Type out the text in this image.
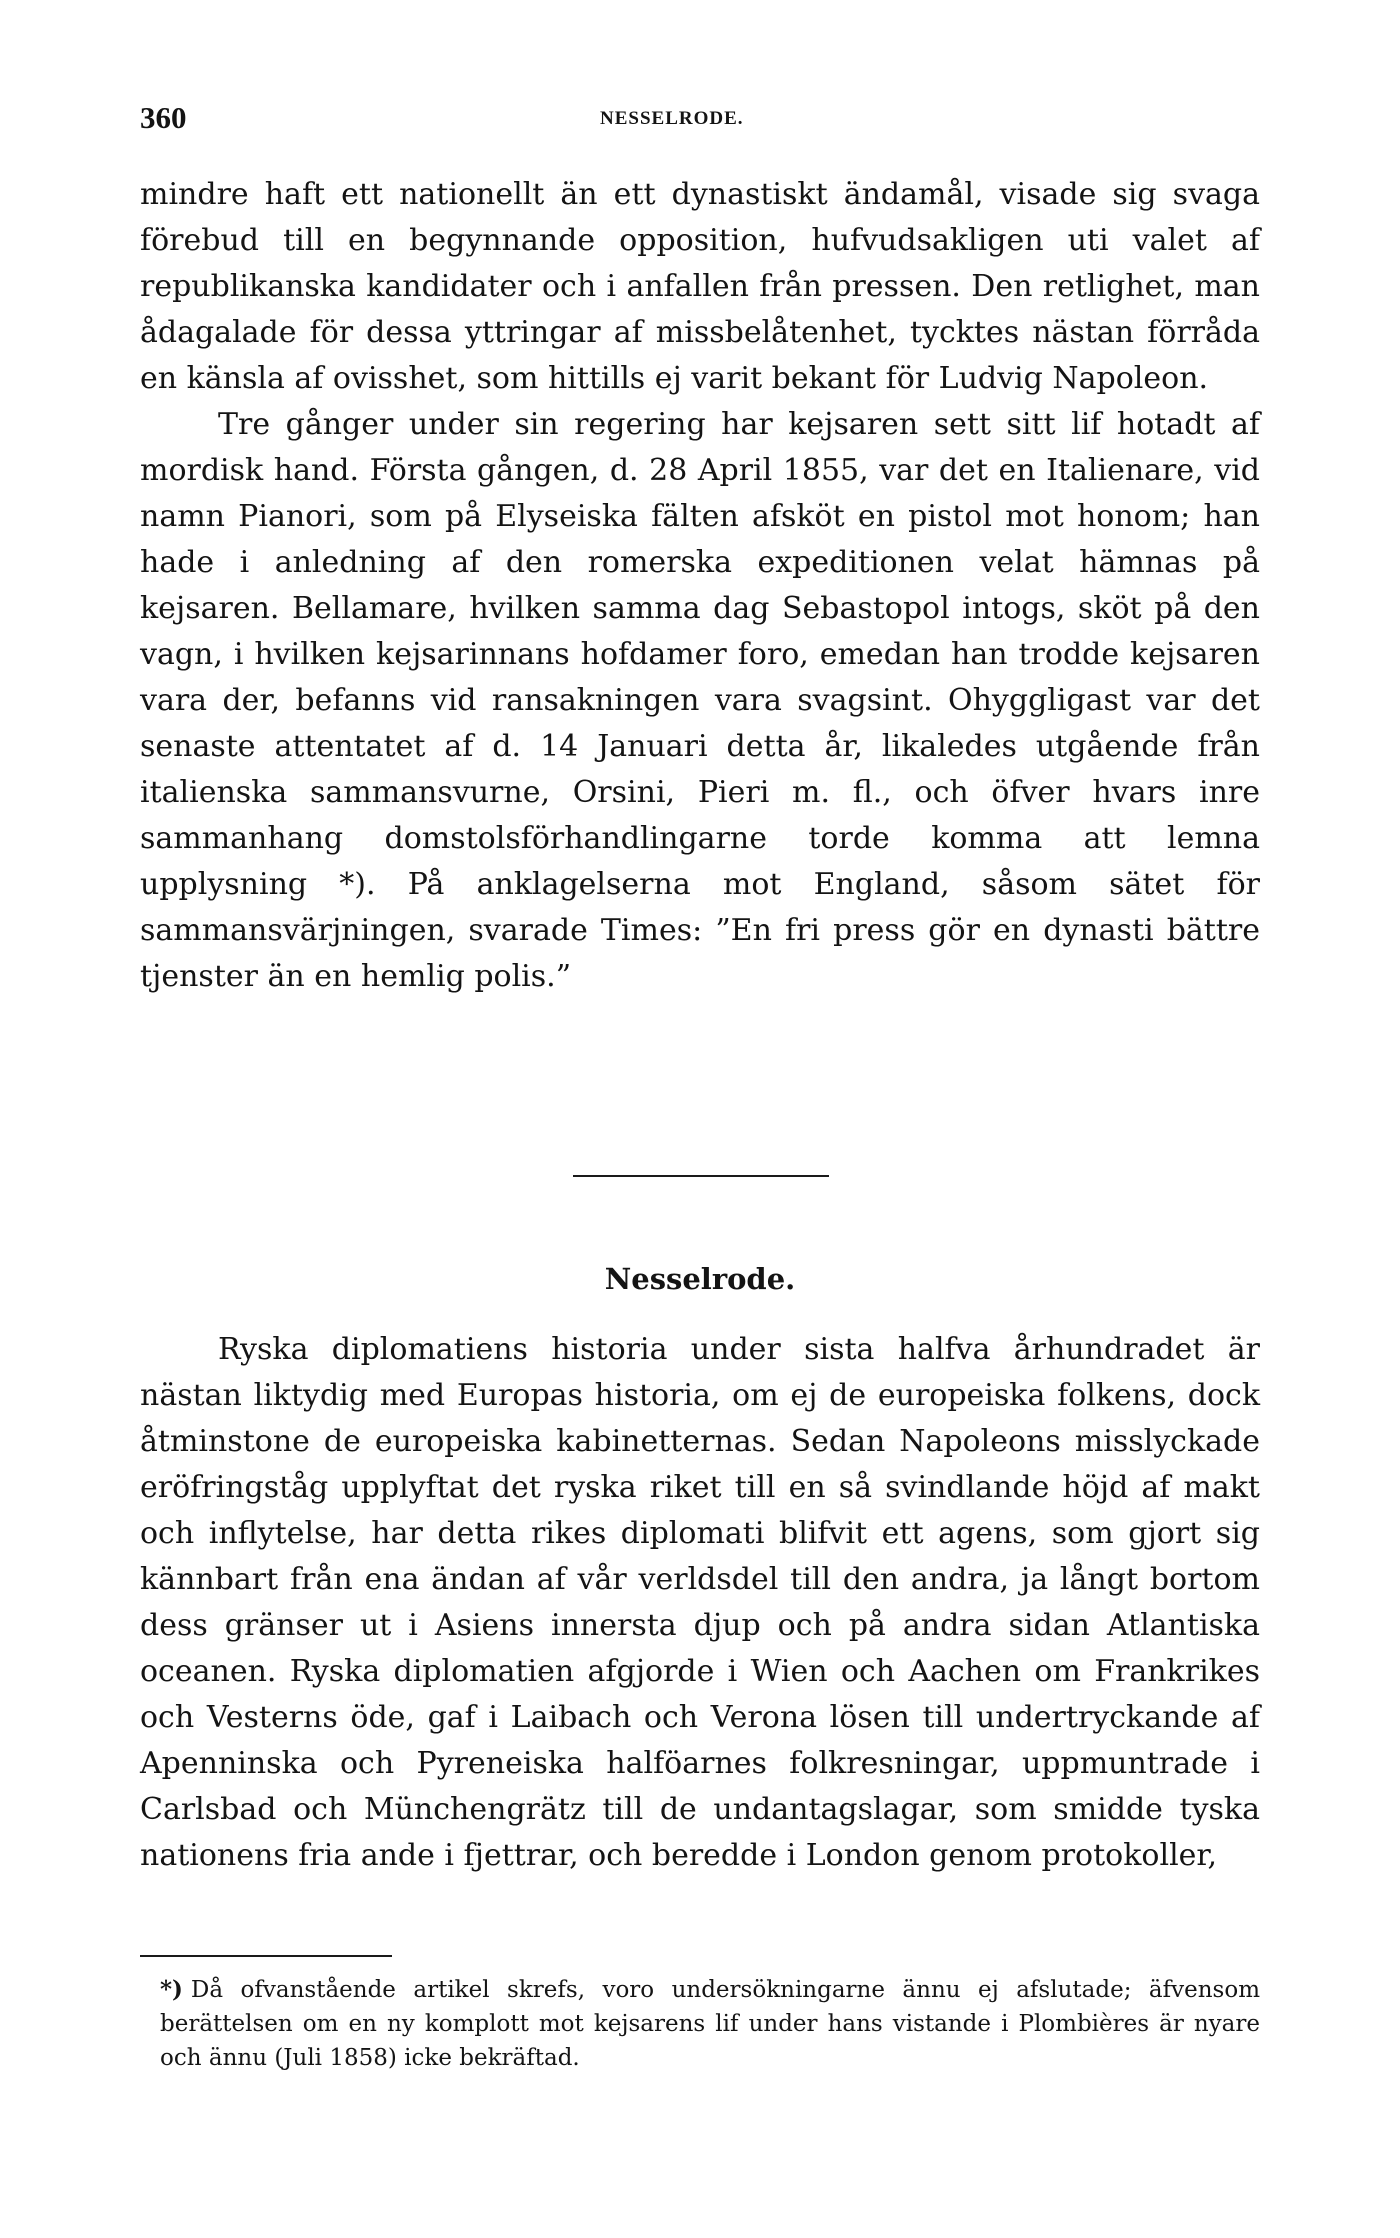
360	NESSELRODE.

mindre haft ett nationellt än ett dynastiskt ändamål, visade sig svaga förebud till en begynnande opposition, hufvudsakligen uti valet af republikanska kandidater och i anfallen från pressen. Den retlighet, man ådagalade för dessa yttringar af missbelåtenhet, tycktes nästan förråda en känsla af ovisshet, som hittills ej varit bekant för Ludvig Napoleon.

Tre gånger under sin regering har kejsaren sett sitt lif hotadt af mordisk hand. Första gången, d. 28 April 1855, var det en Italienare, vid namn Pianori, som på Elyseiska fälten afsköt en pistol mot honom; han hade i anledning af den romerska expeditionen velat hämnas på kejsaren. Bellamare, hvilken samma dag Sebastopol intogs, sköt på den vagn, i hvilken kejsarinnans hofdamer foro, emedan han trodde kejsaren vara der, befanns vid ransakningen vara svagsint. Ohyggligast var det senaste attentatet af d. 14 Januari detta år, likaledes utgående från italienska sammansvurne, Orsini, Pieri m. fl., och öfver hvars inre sammanhang domstolsförhandlingarne torde komma att lemna upplysning *). På anklagelserna mot England, såsom sätet för sammansvärjningen, svarade Times: ”En fri press gör en dynasti bättre tjenster än en hemlig polis.”

Nesselrode.

Ryska diplomatiens historia under sista halfva århundradet är nästan liktydig med Europas historia, om ej de europeiska folkens, dock åtminstone de europeiska kabinetternas. Sedan Napoleons misslyckade eröfringståg upplyftat det ryska riket till en så svindlande höjd af makt och inflytelse, har detta rikes diplomati blifvit ett agens, som gjort sig kännbart från ena ändan af vår verldsdel till den andra, ja långt bortom dess gränser ut i Asiens innersta djup och på andra sidan Atlantiska oceanen. Ryska diplomatien afgjorde i Wien och Aachen om Frankrikes och Vesterns öde, gaf i Laibach och Verona lösen till undertryckande af Apenninska och Pyreneiska halföarnes folkresningar, uppmuntrade i Carlsbad och Münchengrätz till de undantagslagar, som smidde tyska nationens fria ande i fjettrar, och beredde i London genom protokoller,

*) Då ofvanstående artikel skrefs, voro undersökningarne ännu ej afslutade; äfvensom berättelsen om en ny komplott mot kejsarens lif under hans vistande i Plombières är nyare och ännu (Juli 1858) icke bekräftad.
